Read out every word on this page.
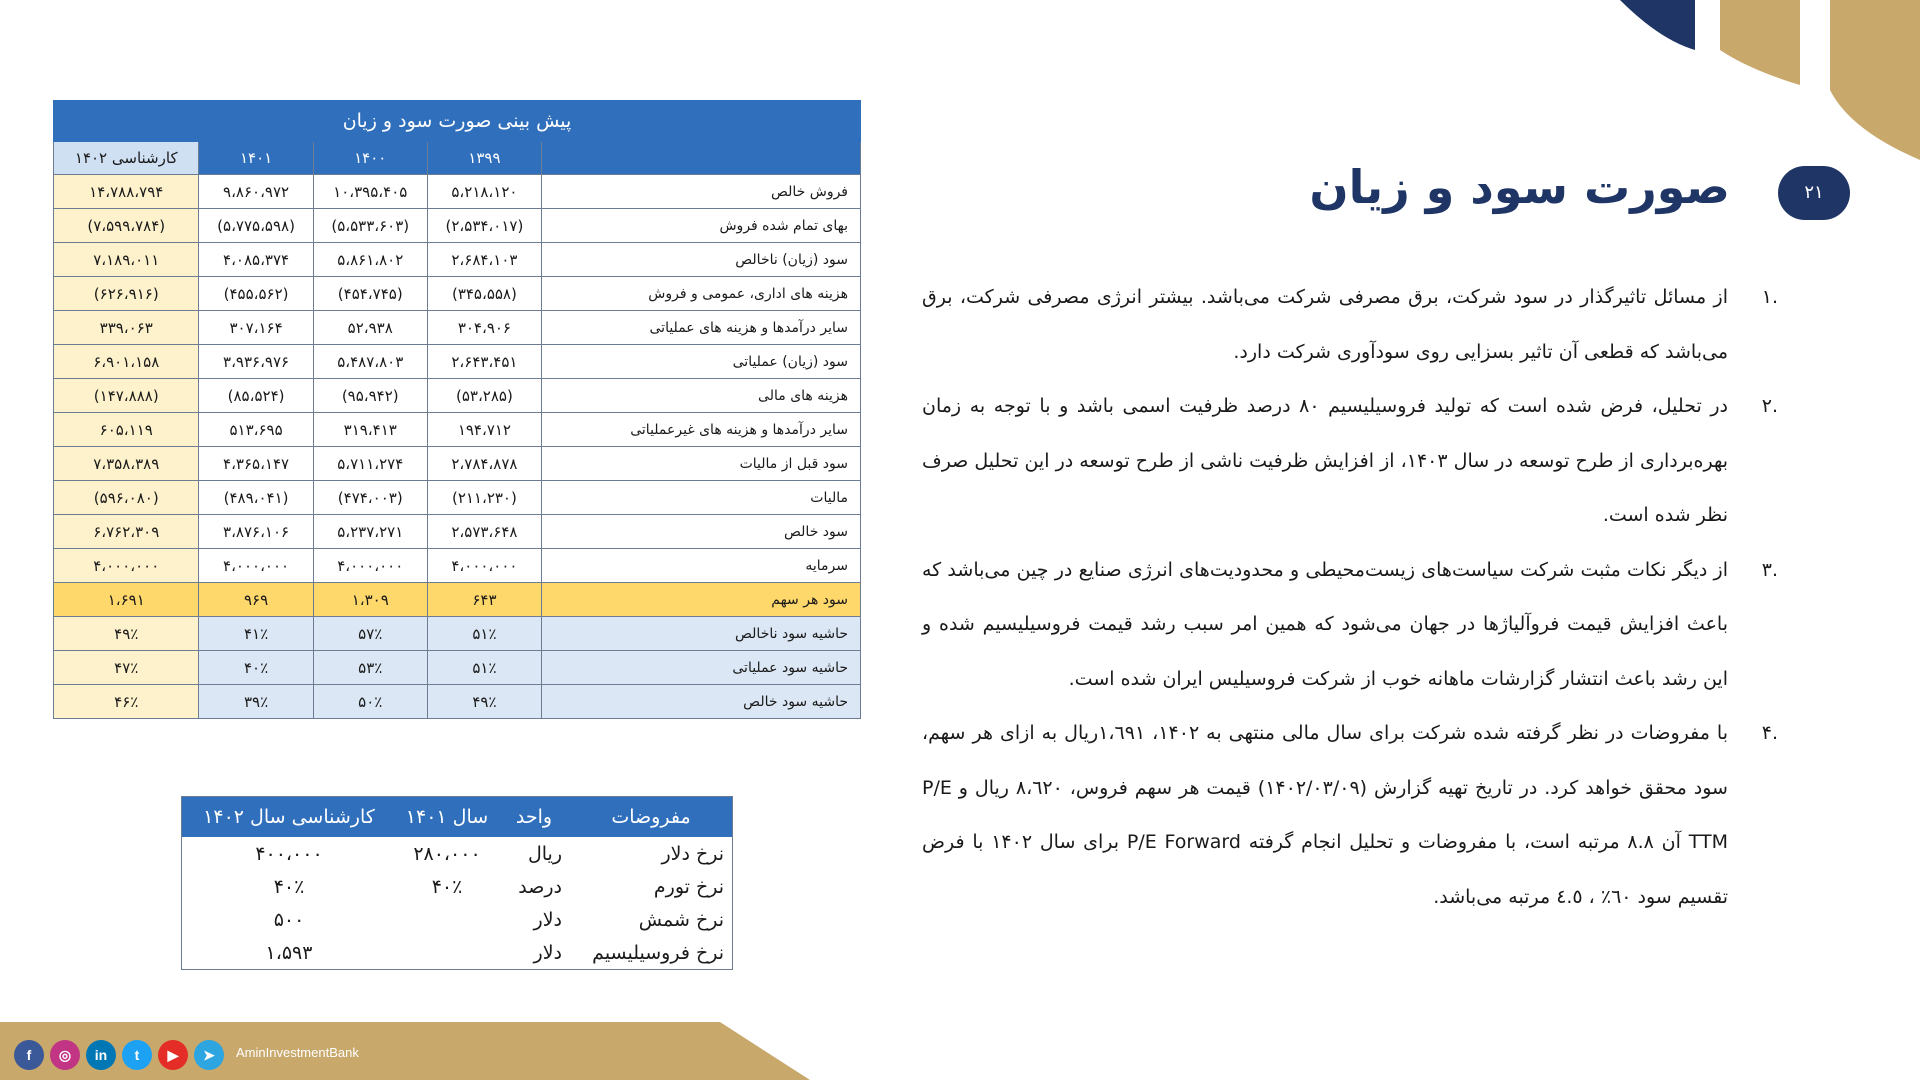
۲۱
صورت سود و زیان
پیش بینی صورت سود و زیان				
	۱۳۹۹	۱۴۰۰	۱۴۰۱	کارشناسی ۱۴۰۲
فروش خالص	۵،۲۱۸،۱۲۰	۱۰،۳۹۵،۴۰۵	۹،۸۶۰،۹۷۲	۱۴،۷۸۸،۷۹۴
بهای تمام شده فروش	(۲،۵۳۴،۰۱۷)	(۵،۵۳۳،۶۰۳)	(۵،۷۷۵،۵۹۸)	(۷،۵۹۹،۷۸۴)
سود (زیان) ناخالص	۲،۶۸۴،۱۰۳	۵،۸۶۱،۸۰۲	۴،۰۸۵،۳۷۴	۷،۱۸۹،۰۱۱
هزینه های اداری، عمومی و فروش	(۳۴۵،۵۵۸)	(۴۵۴،۷۴۵)	(۴۵۵،۵۶۲)	(۶۲۶،۹۱۶)
سایر درآمدها و هزینه های عملیاتی	۳۰۴،۹۰۶	۵۲،۹۳۸	۳۰۷،۱۶۴	۳۳۹،۰۶۳
سود (زیان) عملیاتی	۲،۶۴۳،۴۵۱	۵،۴۸۷،۸۰۳	۳،۹۳۶،۹۷۶	۶،۹۰۱،۱۵۸
هزینه های مالی	(۵۳،۲۸۵)	(۹۵،۹۴۲)	(۸۵،۵۲۴)	(۱۴۷،۸۸۸)
سایر درآمدها و هزینه های غیرعملیاتی	۱۹۴،۷۱۲	۳۱۹،۴۱۳	۵۱۳،۶۹۵	۶۰۵،۱۱۹
سود قبل از مالیات	۲،۷۸۴،۸۷۸	۵،۷۱۱،۲۷۴	۴،۳۶۵،۱۴۷	۷،۳۵۸،۳۸۹
مالیات	(۲۱۱،۲۳۰)	(۴۷۴،۰۰۳)	(۴۸۹،۰۴۱)	(۵۹۶،۰۸۰)
سود خالص	۲،۵۷۳،۶۴۸	۵،۲۳۷،۲۷۱	۳،۸۷۶،۱۰۶	۶،۷۶۲،۳۰۹
سرمایه	۴،۰۰۰،۰۰۰	۴،۰۰۰،۰۰۰	۴،۰۰۰،۰۰۰	۴،۰۰۰،۰۰۰
سود هر سهم	۶۴۳	۱،۳۰۹	۹۶۹	۱،۶۹۱
حاشیه سود ناخالص	۵۱٪	۵۷٪	۴۱٪	۴۹٪
حاشیه سود عملیاتی	۵۱٪	۵۳٪	۴۰٪	۴۷٪
حاشیه سود خالص	۴۹٪	۵۰٪	۳۹٪	۴۶٪
مفروضات	واحد	سال ۱۴۰۱	کارشناسی سال ۱۴۰۲
نرخ دلار	ریال	۲۸۰،۰۰۰	۴۰۰،۰۰۰
نرخ تورم	درصد	۴۰٪	۴۰٪
نرخ شمش	دلار		۵۰۰
نرخ فروسیلیسیم	دلار		۱،۵۹۳
.۱
از مسائل تاثیرگذار در سود شرکت، برق مصرفی شرکت می‌باشد. بیشتر انرژی مصرفی شرکت، برق می‌باشد که قطعی آن تاثیر بسزایی روی سودآوری شرکت دارد.
.۲
در تحلیل، فرض شده است که تولید فروسیلیسیم ۸۰ درصد ظرفیت اسمی باشد و با توجه به زمان بهره‌برداری از طرح توسعه در سال ۱۴۰۳، از افزایش ظرفیت ناشی از طرح توسعه در این تحلیل صرف نظر شده است.
.۳
از دیگر نکات مثبت شرکت سیاست‌های زیست‌محیطی و محدودیت‌های انرژی صنایع در چین می‌باشد که باعث افزایش قیمت فروآلیاژها در جهان می‌شود که همین امر سبب رشد قیمت فروسیلیسیم شده و این رشد باعث انتشار گزارشات ماهانه خوب از شرکت فروسیلیس ایران شده است.
.۴
با مفروضات در نظر گرفته شده شرکت برای سال مالی منتهی به ۱۴۰۲، ۱،٦٩١ریال به ازای هر سهم، سود محقق خواهد کرد. در تاریخ تهیه گزارش (۱۴۰۲/۰۳/۰۹) قیمت هر سهم فروس، ۸،٦۲۰ ریال و P/E TTM آن ۸.۸ مرتبه است، با مفروضات و تحلیل انجام گرفته P/E Forward برای سال ۱۴۰۲ با فرض تقسیم سود ٦۰٪ ، ٤.٥ مرتبه می‌باشد.
f	◎	in	t	▶	➤	AminInvestmentBank
